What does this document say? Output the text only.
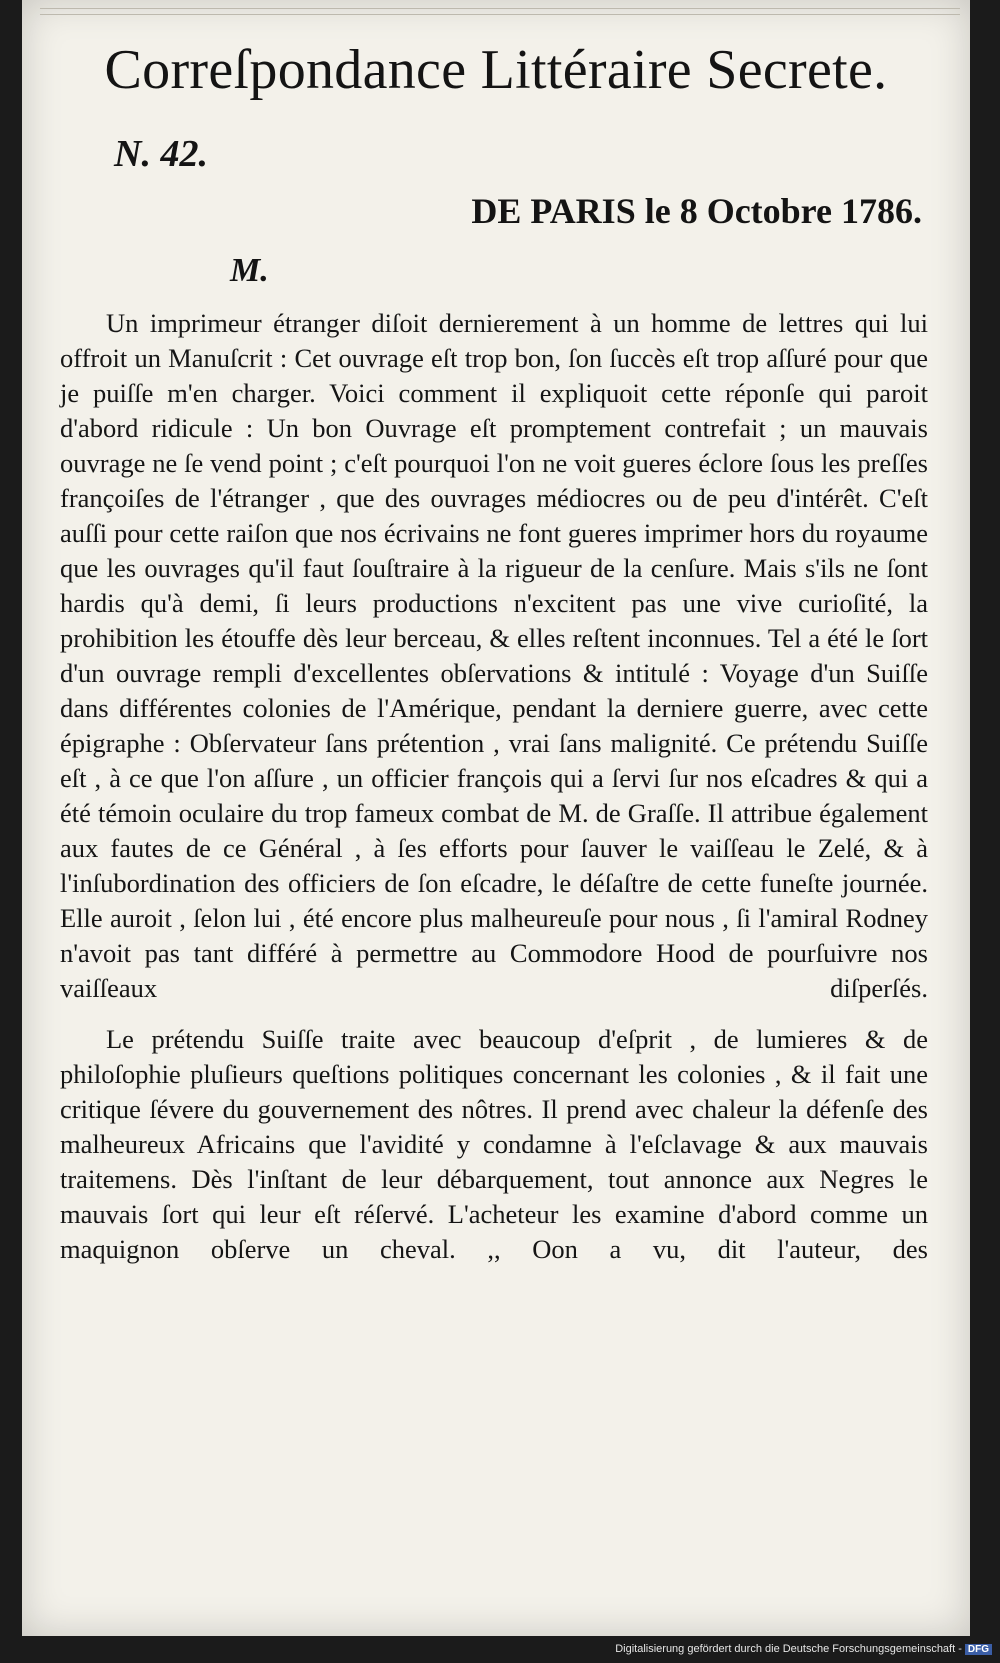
Correſpondance Littéraire Secrete.
N. 42.
DE PARIS le 8 Octobre 1786.
M.

Un imprimeur étranger diſoit dernierement à un homme de lettres qui lui offroit un Manuſcrit : Cet ouvrage eſt trop bon, ſon ſuccès eſt trop aſſuré pour que je puiſſe m'en charger. Voici comment il expliquoit cette réponſe qui paroit d'abord ridicule : Un bon Ouvrage eſt promptement contrefait ; un mauvais ouvrage ne ſe vend point ; c'eſt pourquoi l'on ne voit gueres éclore ſous les preſſes françoiſes de l'étranger , que des ouvrages médiocres ou de peu d'intérêt. C'eſt auſſi pour cette raiſon que nos écrivains ne font gueres imprimer hors du royaume que les ouvrages qu'il faut ſouſtraire à la rigueur de la cenſure. Mais s'ils ne ſont hardis qu'à demi, ſi leurs productions n'excitent pas une vive curioſité, la prohibition les étouffe dès leur berceau, & elles reſtent inconnues. Tel a été le ſort d'un ouvrage rempli d'excellentes obſervations & intitulé : Voyage d'un Suiſſe dans différentes colonies de l'Amérique, pendant la derniere guerre, avec cette épigraphe : Obſervateur ſans prétention , vrai ſans malignité. Ce prétendu Suiſſe eſt , à ce que l'on aſſure , un officier françois qui a ſervi ſur nos eſcadres & qui a été témoin oculaire du trop fameux combat de M. de Graſſe. Il attribue également aux fautes de ce Général , à ſes efforts pour ſauver le vaiſſeau le Zelé, & à l'inſubordination des officiers de ſon eſcadre, le déſaſtre de cette funeſte journée. Elle auroit , ſelon lui , été encore plus malheureuſe pour nous , ſi l'amiral Rodney n'avoit pas tant différé à permettre au Commodore Hood de pourſuivre nos vaiſſeaux diſperſés.

Le prétendu Suiſſe traite avec beaucoup d'eſprit , de lumieres & de philoſophie pluſieurs queſtions politiques concernant les colonies , & il fait une critique ſévere du gouvernement des nôtres. Il prend avec chaleur la défenſe des malheureux Africains que l'avidité y condamne à l'eſclavage & aux mauvais traitemens. Dès l'inſtant de leur débarquement, tout annonce aux Negres le mauvais ſort qui leur eſt réſervé. L'acheteur les examine d'abord comme un maquignon obſerve un cheval. ,, Oon a vu, dit l'auteur, des

Digitalisierung gefördert durch die Deutsche Forschungsgemeinschaft - DFG
